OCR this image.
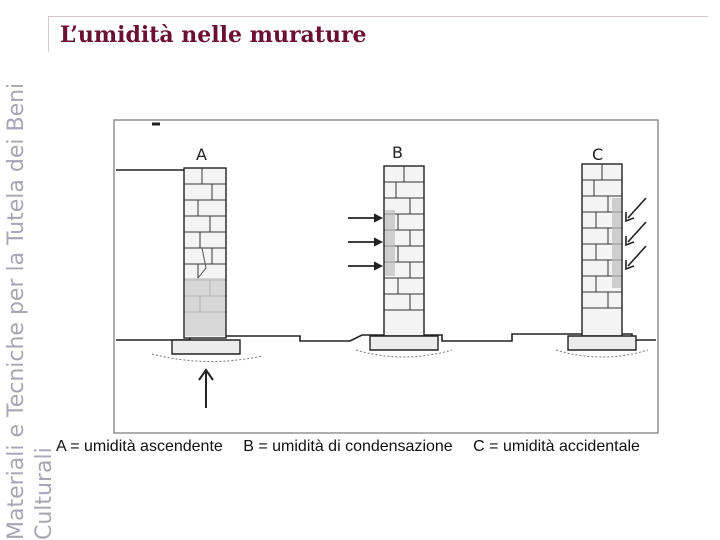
Materiali e Tecniche per la Tutela dei Beni Culturali
L’umidità nelle murature
A	B	C
A = umidità ascendente B = umidità di condensazione C = umidità accidentale
